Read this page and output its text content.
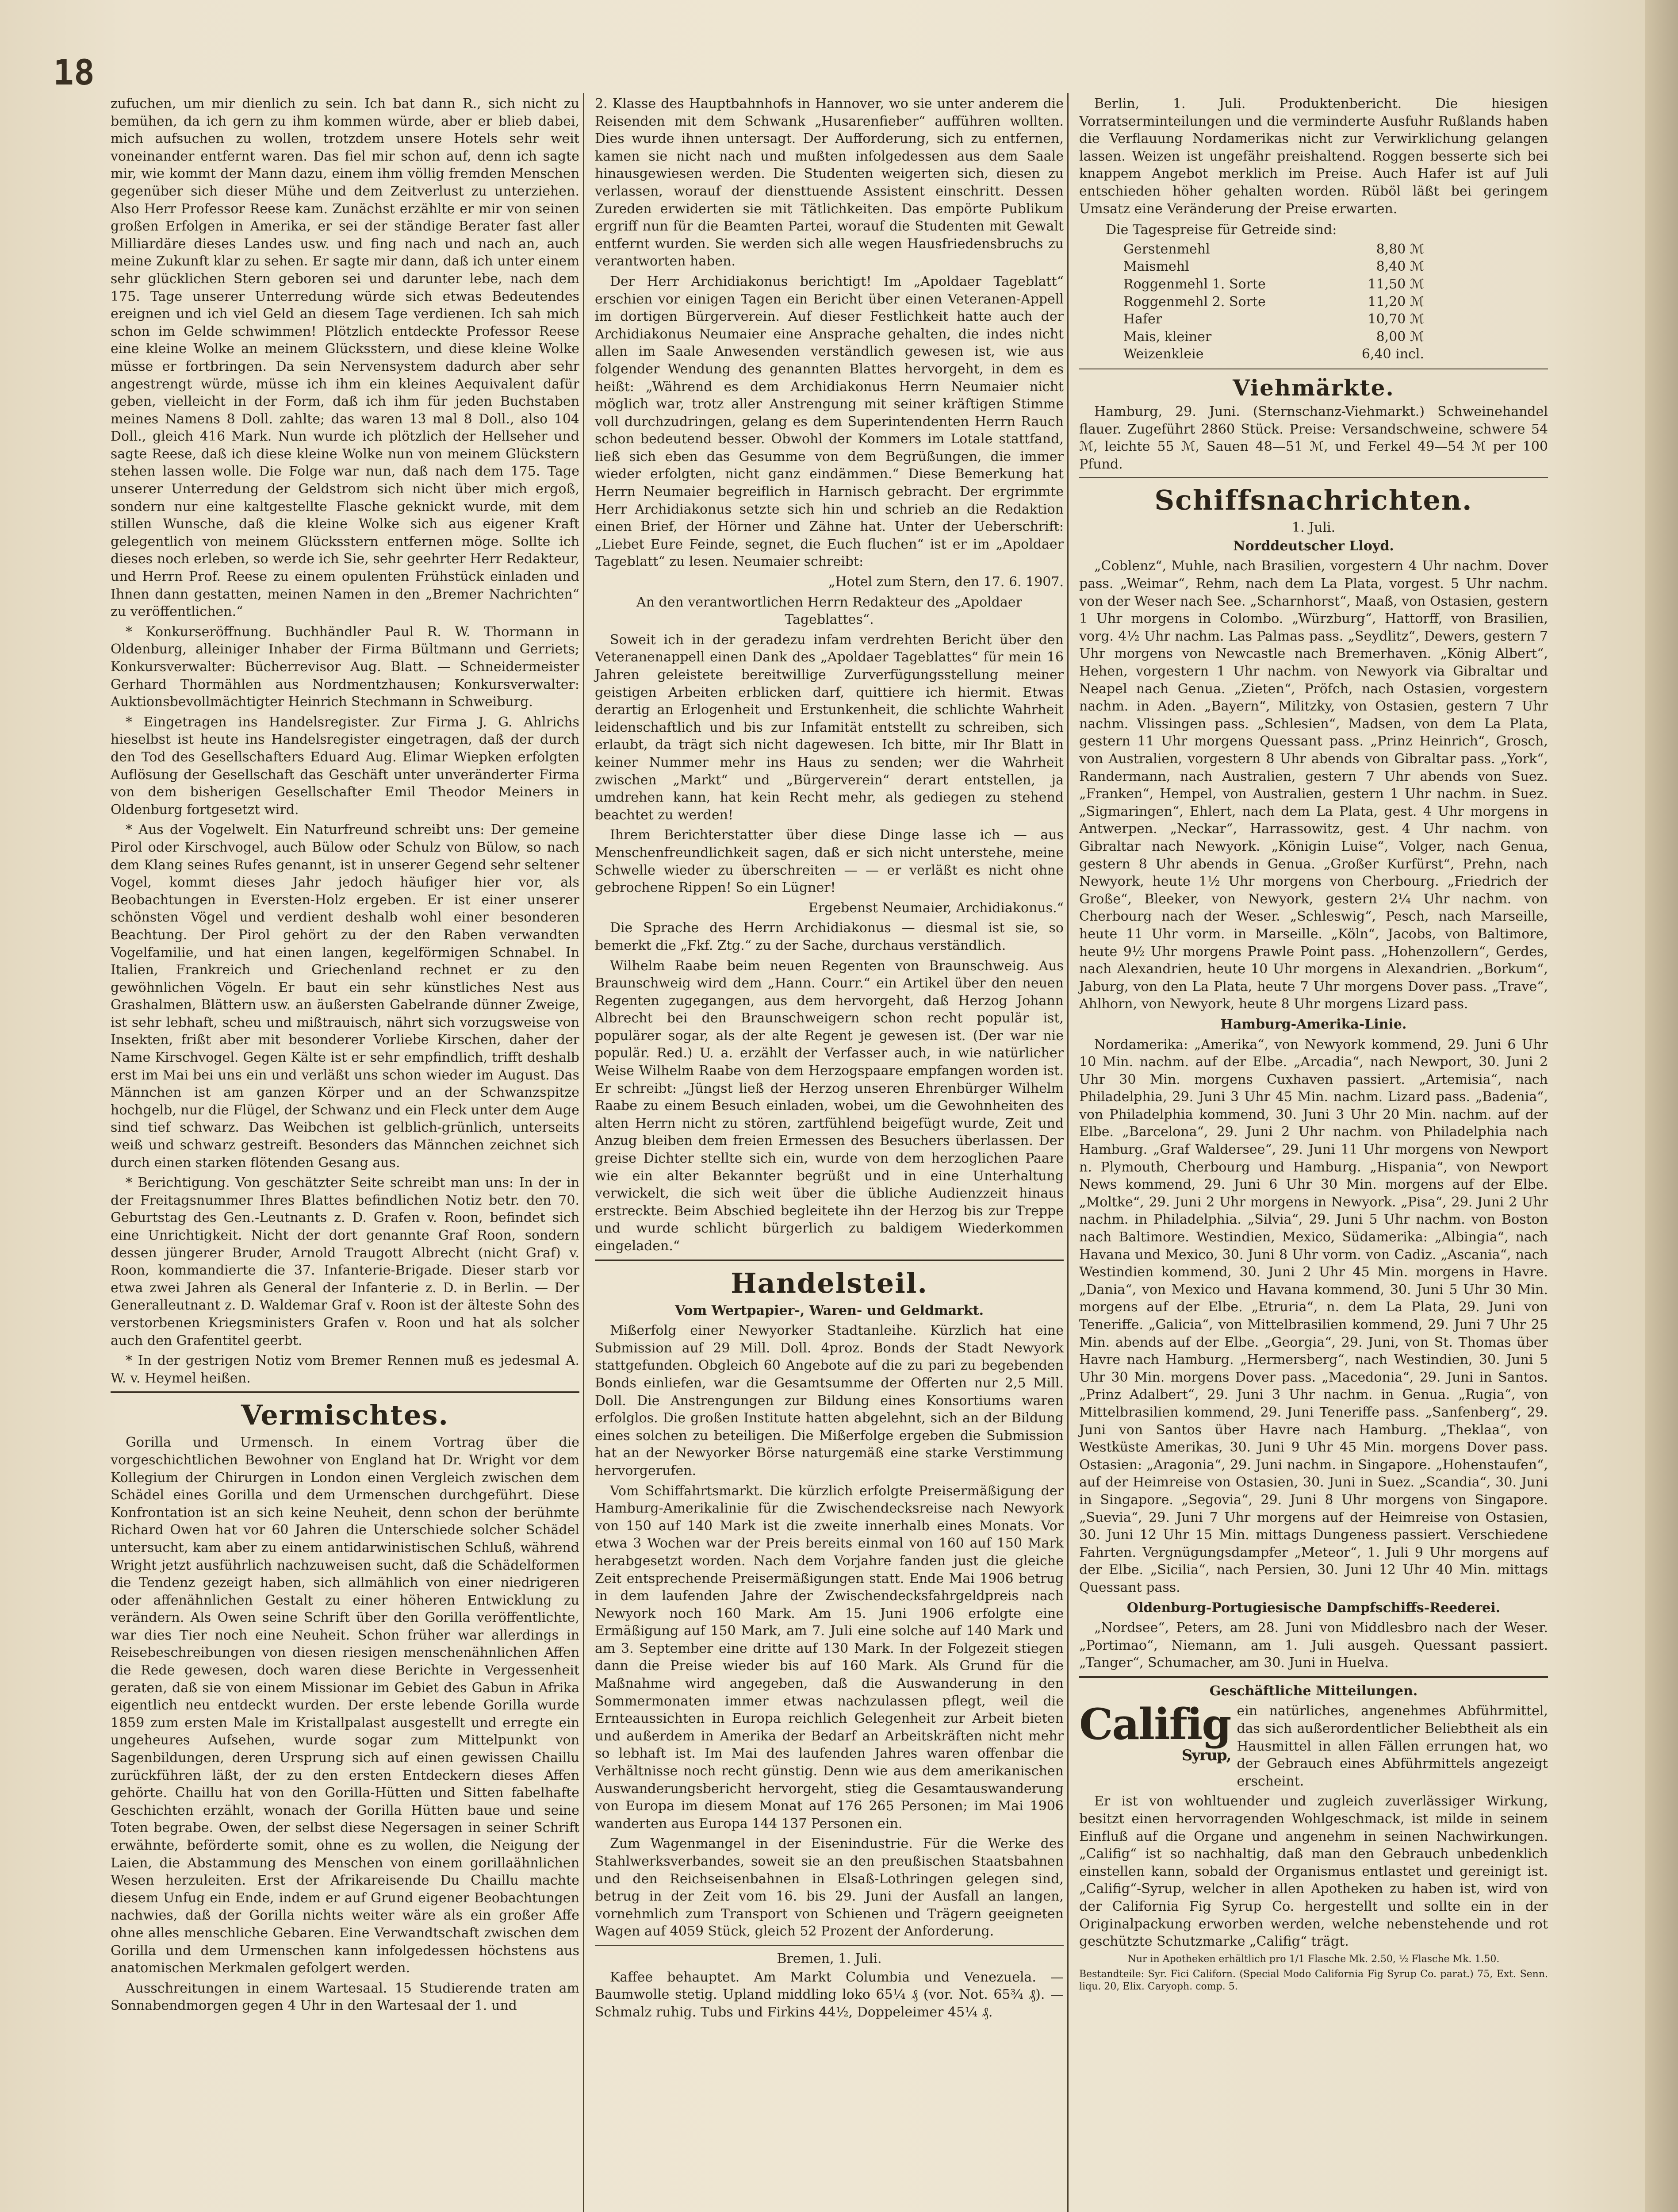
18

zufuchen, um mir dienlich zu sein. Ich bat dann R., sich nicht zu bemühen, da ich gern zu ihm kommen würde, aber er blieb dabei, mich aufsuchen zu wollen, trotzdem unsere Hotels sehr weit voneinander entfernt waren. Das fiel mir schon auf, denn ich sagte mir, wie kommt der Mann dazu, einem ihm völlig fremden Menschen gegenüber sich dieser Mühe und dem Zeitverlust zu unterziehen. Also Herr Professor Reese kam. Zunächst erzählte er mir von seinen großen Erfolgen in Amerika, er sei der ständige Berater fast aller Milliardäre dieses Landes usw. und fing nach und nach an, auch meine Zukunft klar zu sehen. Er sagte mir dann, daß ich unter einem sehr glücklichen Stern geboren sei und darunter lebe, nach dem 175. Tage unserer Unterredung würde sich etwas Bedeutendes ereignen und ich viel Geld an diesem Tage verdienen. Ich sah mich schon im Gelde schwimmen! Plötzlich entdeckte Professor Reese eine kleine Wolke an meinem Glücksstern, und diese kleine Wolke müsse er fortbringen. Da sein Nervensystem dadurch aber sehr angestrengt würde, müsse ich ihm ein kleines Aequivalent dafür geben, vielleicht in der Form, daß ich ihm für jeden Buchstaben meines Namens 8 Doll. zahlte; das waren 13 mal 8 Doll., also 104 Doll., gleich 416 Mark. Nun wurde ich plötzlich der Hellseher und sagte Reese, daß ich diese kleine Wolke nun von meinem Glückstern stehen lassen wolle. Die Folge war nun, daß nach dem 175. Tage unserer Unterredung der Geldstrom sich nicht über mich ergoß, sondern nur eine kaltgestellte Flasche geknickt wurde, mit dem stillen Wunsche, daß die kleine Wolke sich aus eigener Kraft gelegentlich von meinem Glücksstern entfernen möge. Sollte ich dieses noch erleben, so werde ich Sie, sehr geehrter Herr Redakteur, und Herrn Prof. Reese zu einem opulenten Frühstück einladen und Ihnen dann gestatten, meinen Namen in den „Bremer Nachrichten“ zu veröffentlichen.“

* Konkurseröffnung. Buchhändler Paul R. W. Thormann in Oldenburg, alleiniger Inhaber der Firma Bültmann und Gerriets; Konkursverwalter: Bücherrevisor Aug. Blatt. — Schneidermeister Gerhard Thormählen aus Nordmentzhausen; Konkursverwalter: Auktionsbevollmächtigter Heinrich Stechmann in Schweiburg.

* Eingetragen ins Handelsregister. Zur Firma J. G. Ahlrichs hieselbst ist heute ins Handelsregister eingetragen, daß der durch den Tod des Gesellschafters Eduard Aug. Elimar Wiepken erfolgten Auflösung der Gesellschaft das Geschäft unter unveränderter Firma von dem bisherigen Gesellschafter Emil Theodor Meiners in Oldenburg fortgesetzt wird.

* Aus der Vogelwelt. Ein Naturfreund schreibt uns: Der gemeine Pirol oder Kirschvogel, auch Bülow oder Schulz von Bülow, so nach dem Klang seines Rufes genannt, ist in unserer Gegend sehr seltener Vogel, kommt dieses Jahr jedoch häufiger hier vor, als Beobachtungen in Eversten-Holz ergeben. Er ist einer unserer schönsten Vögel und verdient deshalb wohl einer besonderen Beachtung. Der Pirol gehört zu der den Raben verwandten Vogelfamilie, und hat einen langen, kegelförmigen Schnabel. In Italien, Frankreich und Griechenland rechnet er zu den gewöhnlichen Vögeln. Er baut ein sehr künstliches Nest aus Grashalmen, Blättern usw. an äußersten Gabelrande dünner Zweige, ist sehr lebhaft, scheu und mißtrauisch, nährt sich vorzugsweise von Insekten, frißt aber mit besonderer Vorliebe Kirschen, daher der Name Kirschvogel. Gegen Kälte ist er sehr empfindlich, trifft deshalb erst im Mai bei uns ein und verläßt uns schon wieder im August. Das Männchen ist am ganzen Körper und an der Schwanzspitze hochgelb, nur die Flügel, der Schwanz und ein Fleck unter dem Auge sind tief schwarz. Das Weibchen ist gelblich-grünlich, unterseits weiß und schwarz gestreift. Besonders das Männchen zeichnet sich durch einen starken flötenden Gesang aus.

* Berichtigung. Von geschätzter Seite schreibt man uns: In der in der Freitagsnummer Ihres Blattes befindlichen Notiz betr. den 70. Geburtstag des Gen.-Leutnants z. D. Grafen v. Roon, befindet sich eine Unrichtigkeit. Nicht der dort genannte Graf Roon, sondern dessen jüngerer Bruder, Arnold Traugott Albrecht (nicht Graf) v. Roon, kommandierte die 37. Infanterie-Brigade. Dieser starb vor etwa zwei Jahren als General der Infanterie z. D. in Berlin. — Der Generalleutnant z. D. Waldemar Graf v. Roon ist der älteste Sohn des verstorbenen Kriegsministers Grafen v. Roon und hat als solcher auch den Grafentitel geerbt.

* In der gestrigen Notiz vom Bremer Rennen muß es jedesmal A. W. v. Heymel heißen.

Vermischtes.

Gorilla und Urmensch. In einem Vortrag über die vorgeschichtlichen Bewohner von England hat Dr. Wright vor dem Kollegium der Chirurgen in London einen Vergleich zwischen dem Schädel eines Gorilla und dem Urmenschen durchgeführt. Diese Konfrontation ist an sich keine Neuheit, denn schon der berühmte Richard Owen hat vor 60 Jahren die Unterschiede solcher Schädel untersucht, kam aber zu einem antidarwinistischen Schluß, während Wright jetzt ausführlich nachzuweisen sucht, daß die Schädelformen die Tendenz gezeigt haben, sich allmählich von einer niedrigeren oder affenähnlichen Gestalt zu einer höheren Entwicklung zu verändern. Als Owen seine Schrift über den Gorilla veröffentlichte, war dies Tier noch eine Neuheit. Schon früher war allerdings in Reisebeschreibungen von diesen riesigen menschenähnlichen Affen die Rede gewesen, doch waren diese Berichte in Vergessenheit geraten, daß sie von einem Missionar im Gebiet des Gabun in Afrika eigentlich neu entdeckt wurden. Der erste lebende Gorilla wurde 1859 zum ersten Male im Kristallpalast ausgestellt und erregte ein ungeheures Aufsehen, wurde sogar zum Mittelpunkt von Sagenbildungen, deren Ursprung sich auf einen gewissen Chaillu zurückführen läßt, der zu den ersten Entdeckern dieses Affen gehörte. Chaillu hat von den Gorilla-Hütten und Sitten fabelhafte Geschichten erzählt, wonach der Gorilla Hütten baue und seine Toten begrabe. Owen, der selbst diese Negersagen in seiner Schrift erwähnte, beförderte somit, ohne es zu wollen, die Neigung der Laien, die Abstammung des Menschen von einem gorillaähnlichen Wesen herzuleiten. Erst der Afrikareisende Du Chaillu machte diesem Unfug ein Ende, indem er auf Grund eigener Beobachtungen nachwies, daß der Gorilla nichts weiter wäre als ein großer Affe ohne alles menschliche Gebaren. Eine Verwandtschaft zwischen dem Gorilla und dem Urmenschen kann infolgedessen höchstens aus anatomischen Merkmalen gefolgert werden.

Ausschreitungen in einem Wartesaal. 15 Studierende traten am Sonnabendmorgen gegen 4 Uhr in den Wartesaal der 1. und

2. Klasse des Hauptbahnhofs in Hannover, wo sie unter anderem die Reisenden mit dem Schwank „Husarenfieber“ aufführen wollten. Dies wurde ihnen untersagt. Der Aufforderung, sich zu entfernen, kamen sie nicht nach und mußten infolgedessen aus dem Saale hinausgewiesen werden. Die Studenten weigerten sich, diesen zu verlassen, worauf der diensttuende Assistent einschritt. Dessen Zureden erwiderten sie mit Tätlichkeiten. Das empörte Publikum ergriff nun für die Beamten Partei, worauf die Studenten mit Gewalt entfernt wurden. Sie werden sich alle wegen Hausfriedensbruchs zu verantworten haben.

Der Herr Archidiakonus berichtigt! Im „Apoldaer Tageblatt“ erschien vor einigen Tagen ein Bericht über einen Veteranen-Appell im dortigen Bürgerverein. Auf dieser Festlichkeit hatte auch der Archidiakonus Neumaier eine Ansprache gehalten, die indes nicht allen im Saale Anwesenden verständlich gewesen ist, wie aus folgender Wendung des genannten Blattes hervorgeht, in dem es heißt: „Während es dem Archidiakonus Herrn Neumaier nicht möglich war, trotz aller Anstrengung mit seiner kräftigen Stimme voll durchzudringen, gelang es dem Superintendenten Herrn Rauch schon bedeutend besser. Obwohl der Kommers im Lotale stattfand, ließ sich eben das Gesumme von dem Begrüßungen, die immer wieder erfolgten, nicht ganz eindämmen.“ Diese Bemerkung hat Herrn Neumaier begreiflich in Harnisch gebracht. Der ergrimmte Herr Archidiakonus setzte sich hin und schrieb an die Redaktion einen Brief, der Hörner und Zähne hat. Unter der Ueberschrift: „Liebet Eure Feinde, segnet, die Euch fluchen“ ist er im „Apoldaer Tageblatt“ zu lesen. Neumaier schreibt:

„Hotel zum Stern, den 17. 6. 1907.

An den verantwortlichen Herrn Redakteur des „Apoldaer Tageblattes“.

Soweit ich in der geradezu infam verdrehten Bericht über den Veteranenappell einen Dank des „Apoldaer Tageblattes“ für mein 16 Jahren geleistete bereitwillige Zurverfügungsstellung meiner geistigen Arbeiten erblicken darf, quittiere ich hiermit. Etwas derartig an Erlogenheit und Erstunkenheit, die schlichte Wahrheit leidenschaftlich und bis zur Infamität entstellt zu schreiben, sich erlaubt, da trägt sich nicht dagewesen. Ich bitte, mir Ihr Blatt in keiner Nummer mehr ins Haus zu senden; wer die Wahrheit zwischen „Markt“ und „Bürgerverein“ derart entstellen, ja umdrehen kann, hat kein Recht mehr, als gediegen zu stehend beachtet zu werden!

Ihrem Berichterstatter über diese Dinge lasse ich — aus Menschenfreundlichkeit sagen, daß er sich nicht unterstehe, meine Schwelle wieder zu überschreiten — — er verläßt es nicht ohne gebrochene Rippen! So ein Lügner!

Ergebenst Neumaier, Archidiakonus.“

Die Sprache des Herrn Archidiakonus — diesmal ist sie, so bemerkt die „Fkf. Ztg.“ zu der Sache, durchaus verständlich.

Wilhelm Raabe beim neuen Regenten von Braunschweig. Aus Braunschweig wird dem „Hann. Courr.“ ein Artikel über den neuen Regenten zugegangen, aus dem hervorgeht, daß Herzog Johann Albrecht bei den Braunschweigern schon recht populär ist, populärer sogar, als der alte Regent je gewesen ist. (Der war nie populär. Red.) U. a. erzählt der Verfasser auch, in wie natürlicher Weise Wilhelm Raabe von dem Herzogspaare empfangen worden ist. Er schreibt: „Jüngst ließ der Herzog unseren Ehrenbürger Wilhelm Raabe zu einem Besuch einladen, wobei, um die Gewohnheiten des alten Herrn nicht zu stören, zartfühlend beigefügt wurde, Zeit und Anzug bleiben dem freien Ermessen des Besuchers überlassen. Der greise Dichter stellte sich ein, wurde von dem herzoglichen Paare wie ein alter Bekannter begrüßt und in eine Unterhaltung verwickelt, die sich weit über die übliche Audienzzeit hinaus erstreckte. Beim Abschied begleitete ihn der Herzog bis zur Treppe und wurde schlicht bürgerlich zu baldigem Wiederkommen eingeladen.“

Handelsteil.
Vom Wertpapier-, Waren- und Geldmarkt.

Mißerfolg einer Newyorker Stadtanleihe. Kürzlich hat eine Submission auf 29 Mill. Doll. 4proz. Bonds der Stadt Newyork stattgefunden. Obgleich 60 Angebote auf die zu pari zu begebenden Bonds einliefen, war die Gesamtsumme der Offerten nur 2,5 Mill. Doll. Die Anstrengungen zur Bildung eines Konsortiums waren erfolglos. Die großen Institute hatten abgelehnt, sich an der Bildung eines solchen zu beteiligen. Die Mißerfolge ergeben die Submission hat an der Newyorker Börse naturgemäß eine starke Verstimmung hervorgerufen.

Vom Schiffahrtsmarkt. Die kürzlich erfolgte Preisermäßigung der Hamburg-Amerikalinie für die Zwischendecksreise nach Newyork von 150 auf 140 Mark ist die zweite innerhalb eines Monats. Vor etwa 3 Wochen war der Preis bereits einmal von 160 auf 150 Mark herabgesetzt worden. Nach dem Vorjahre fanden just die gleiche Zeit entsprechende Preisermäßigungen statt. Ende Mai 1906 betrug in dem laufenden Jahre der Zwischendecksfahrgeldpreis nach Newyork noch 160 Mark. Am 15. Juni 1906 erfolgte eine Ermäßigung auf 150 Mark, am 7. Juli eine solche auf 140 Mark und am 3. September eine dritte auf 130 Mark. In der Folgezeit stiegen dann die Preise wieder bis auf 160 Mark. Als Grund für die Maßnahme wird angegeben, daß die Auswanderung in den Sommermonaten immer etwas nachzulassen pflegt, weil die Ernteaussichten in Europa reichlich Gelegenheit zur Arbeit bieten und außerdem in Amerika der Bedarf an Arbeitskräften nicht mehr so lebhaft ist. Im Mai des laufenden Jahres waren offenbar die Verhältnisse noch recht günstig. Denn wie aus dem amerikanischen Auswanderungsbericht hervorgeht, stieg die Gesamtauswanderung von Europa im diesem Monat auf 176 265 Personen; im Mai 1906 wanderten aus Europa 144 137 Personen ein.

Zum Wagenmangel in der Eisenindustrie. Für die Werke des Stahlwerksverbandes, soweit sie an den preußischen Staatsbahnen und den Reichseisenbahnen in Elsaß-Lothringen gelegen sind, betrug in der Zeit vom 16. bis 29. Juni der Ausfall an langen, vornehmlich zum Transport von Schienen und Trägern geeigneten Wagen auf 4059 Stück, gleich 52 Prozent der Anforderung.

Bremen, 1. Juli.

Kaffee behauptet. Am Markt Columbia und Venezuela. — Baumwolle stetig. Upland middling loko 65¼ ₰ (vor. Not. 65¾ ₰). — Schmalz ruhig. Tubs und Firkins 44½, Doppeleimer 45¼ ₰.

Berlin, 1. Juli. Produktenbericht. Die hiesigen Vorratserminteilungen und die verminderte Ausfuhr Rußlands haben die Verflauung Nordamerikas nicht zur Verwirklichung gelangen lassen. Weizen ist ungefähr preishaltend. Roggen besserte sich bei knappem Angebot merklich im Preise. Auch Hafer ist auf Juli entschieden höher gehalten worden. Rüböl läßt bei geringem Umsatz eine Veränderung der Preise erwarten.

Die Tagespreise für Getreide sind:
Gerstenmehl	8,80 ℳ
Maismehl	8,40 ℳ
Roggenmehl 1. Sorte	11,50 ℳ
Roggenmehl 2. Sorte	11,20 ℳ
Hafer	10,70 ℳ
Mais, kleiner	8,00 ℳ
Weizenkleie	6,40 incl.
Viehmärkte.

Hamburg, 29. Juni. (Sternschanz-Viehmarkt.) Schweinehandel flauer. Zugeführt 2860 Stück. Preise: Versandschweine, schwere 54 ℳ, leichte 55 ℳ, Sauen 48—51 ℳ, und Ferkel 49—54 ℳ per 100 Pfund.

Schiffsnachrichten.
1. Juli.
Norddeutscher Lloyd.

„Coblenz“, Muhle, nach Brasilien, vorgestern 4 Uhr nachm. Dover pass. „Weimar“, Rehm, nach dem La Plata, vorgest. 5 Uhr nachm. von der Weser nach See. „Scharnhorst“, Maaß, von Ostasien, gestern 1 Uhr morgens in Colombo. „Würzburg“, Hattorff, von Brasilien, vorg. 4½ Uhr nachm. Las Palmas pass. „Seydlitz“, Dewers, gestern 7 Uhr morgens von Newcastle nach Bremerhaven. „König Albert“, Hehen, vorgestern 1 Uhr nachm. von Newyork via Gibraltar und Neapel nach Genua. „Zieten“, Pröfch, nach Ostasien, vorgestern nachm. in Aden. „Bayern“, Militzky, von Ostasien, gestern 7 Uhr nachm. Vlissingen pass. „Schlesien“, Madsen, von dem La Plata, gestern 11 Uhr morgens Quessant pass. „Prinz Heinrich“, Grosch, von Australien, vorgestern 8 Uhr abends von Gibraltar pass. „York“, Randermann, nach Australien, gestern 7 Uhr abends von Suez. „Franken“, Hempel, von Australien, gestern 1 Uhr nachm. in Suez. „Sigmaringen“, Ehlert, nach dem La Plata, gest. 4 Uhr morgens in Antwerpen. „Neckar“, Harrassowitz, gest. 4 Uhr nachm. von Gibraltar nach Newyork. „Königin Luise“, Volger, nach Genua, gestern 8 Uhr abends in Genua. „Großer Kurfürst“, Prehn, nach Newyork, heute 1½ Uhr morgens von Cherbourg. „Friedrich der Große“, Bleeker, von Newyork, gestern 2¼ Uhr nachm. von Cherbourg nach der Weser. „Schleswig“, Pesch, nach Marseille, heute 11 Uhr vorm. in Marseille. „Köln“, Jacobs, von Baltimore, heute 9½ Uhr morgens Prawle Point pass. „Hohenzollern“, Gerdes, nach Alexandrien, heute 10 Uhr morgens in Alexandrien. „Borkum“, Jaburg, von den La Plata, heute 7 Uhr morgens Dover pass. „Trave“, Ahlhorn, von Newyork, heute 8 Uhr morgens Lizard pass.

Hamburg-Amerika-Linie.

Nordamerika: „Amerika“, von Newyork kommend, 29. Juni 6 Uhr 10 Min. nachm. auf der Elbe. „Arcadia“, nach Newport, 30. Juni 2 Uhr 30 Min. morgens Cuxhaven passiert. „Artemisia“, nach Philadelphia, 29. Juni 3 Uhr 45 Min. nachm. Lizard pass. „Badenia“, von Philadelphia kommend, 30. Juni 3 Uhr 20 Min. nachm. auf der Elbe. „Barcelona“, 29. Juni 2 Uhr nachm. von Philadelphia nach Hamburg. „Graf Waldersee“, 29. Juni 11 Uhr morgens von Newport n. Plymouth, Cherbourg und Hamburg. „Hispania“, von Newport News kommend, 29. Juni 6 Uhr 30 Min. morgens auf der Elbe. „Moltke“, 29. Juni 2 Uhr morgens in Newyork. „Pisa“, 29. Juni 2 Uhr nachm. in Philadelphia. „Silvia“, 29. Juni 5 Uhr nachm. von Boston nach Baltimore. Westindien, Mexico, Südamerika: „Albingia“, nach Havana und Mexico, 30. Juni 8 Uhr vorm. von Cadiz. „Ascania“, nach Westindien kommend, 30. Juni 2 Uhr 45 Min. morgens in Havre. „Dania“, von Mexico und Havana kommend, 30. Juni 5 Uhr 30 Min. morgens auf der Elbe. „Etruria“, n. dem La Plata, 29. Juni von Teneriffe. „Galicia“, von Mittelbrasilien kommend, 29. Juni 7 Uhr 25 Min. abends auf der Elbe. „Georgia“, 29. Juni, von St. Thomas über Havre nach Hamburg. „Hermersberg“, nach Westindien, 30. Juni 5 Uhr 30 Min. morgens Dover pass. „Macedonia“, 29. Juni in Santos. „Prinz Adalbert“, 29. Juni 3 Uhr nachm. in Genua. „Rugia“, von Mittelbrasilien kommend, 29. Juni Teneriffe pass. „Sanfenberg“, 29. Juni von Santos über Havre nach Hamburg. „Theklaa“, von Westküste Amerikas, 30. Juni 9 Uhr 45 Min. morgens Dover pass. Ostasien: „Aragonia“, 29. Juni nachm. in Singapore. „Hohenstaufen“, auf der Heimreise von Ostasien, 30. Juni in Suez. „Scandia“, 30. Juni in Singapore. „Segovia“, 29. Juni 8 Uhr morgens von Singapore. „Suevia“, 29. Juni 7 Uhr morgens auf der Heimreise von Ostasien, 30. Juni 12 Uhr 15 Min. mittags Dungeness passiert. Verschiedene Fahrten. Vergnügungsdampfer „Meteor“, 1. Juli 9 Uhr morgens auf der Elbe. „Sicilia“, nach Persien, 30. Juni 12 Uhr 40 Min. mittags Quessant pass.

Oldenburg-Portugiesische Dampfschiffs-Reederei.

„Nordsee“, Peters, am 28. Juni von Middlesbro nach der Weser. „Portimao“, Niemann, am 1. Juli ausgeh. Quessant passiert. „Tanger“, Schumacher, am 30. Juni in Huelva.

Geschäftliche Mitteilungen.
Califig
Syrup,

ein natürliches, angenehmes Abführmittel, das sich außerordentlicher Beliebtheit als ein Hausmittel in allen Fällen errungen hat, wo der Gebrauch eines Abführmittels angezeigt erscheint.

Er ist von wohltuender und zugleich zuverlässiger Wirkung, besitzt einen hervorragenden Wohlgeschmack, ist milde in seinem Einfluß auf die Organe und angenehm in seinen Nachwirkungen. „Califig“ ist so nachhaltig, daß man den Gebrauch unbedenklich einstellen kann, sobald der Organismus entlastet und gereinigt ist. „Califig“-Syrup, welcher in allen Apotheken zu haben ist, wird von der California Fig Syrup Co. hergestellt und sollte ein in der Originalpackung erworben werden, welche nebenstehende und rot geschützte Schutzmarke „Califig“ trägt.

Nur in Apotheken erhältlich pro 1/1 Flasche Mk. 2.50, ½ Flasche Mk. 1.50.

Bestandteile: Syr. Fici Californ. (Special Modo California Fig Syrup Co. parat.) 75, Ext. Senn. liqu. 20, Elix. Caryoph. comp. 5.
